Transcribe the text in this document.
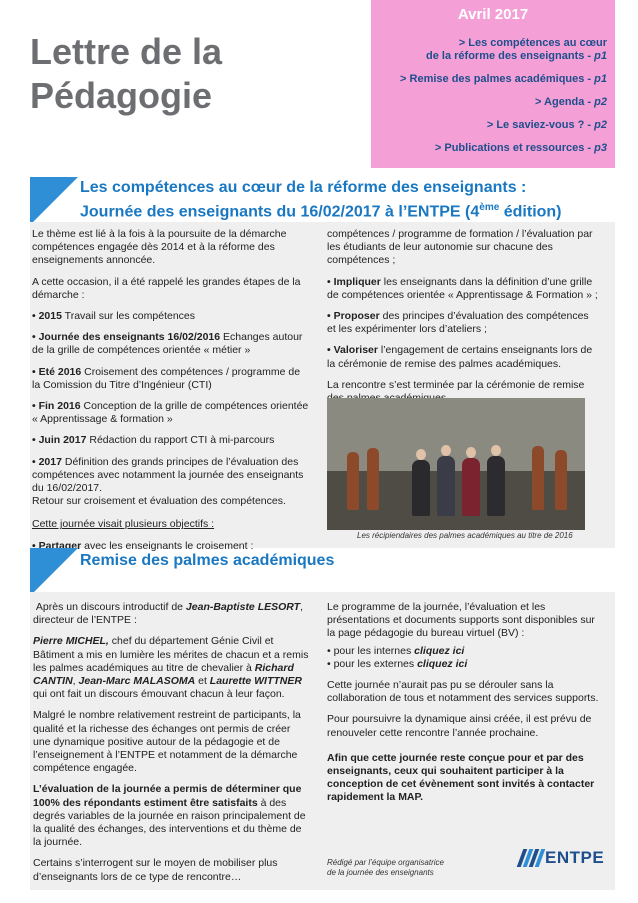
Lettre de la
Pédagogie
Avril 2017
> Les compétences au cœur
de la réforme des enseignants - p1
> Remise des palmes académiques - p1
> Agenda - p2
> Le saviez-vous ? - p2
> Publications et ressources - p3
Les compétences au cœur de la réforme des enseignants :
Journée des enseignants du 16/02/2017 à l’ENTPE (4ème édition)

Le thème est lié à la fois à la poursuite de la démarche compétences engagée dès 2014 et à la réforme des enseignements annoncée.

A cette occasion, il a été rappelé les grandes étapes de la démarche :

• 2015 Travail sur les compétences

• Journée des enseignants 16/02/2016 Echanges autour de la grille de compétences orientée « métier »

• Eté 2016 Croisement des compétences / programme de la Comission du Titre d’Ingénieur (CTI)

• Fin 2016 Conception de la grille de compétences orientée « Apprentissage & formation »

• Juin 2017 Rédaction du rapport CTI à mi-parcours

• 2017 Définition des grands principes de l’évaluation des compétences avec notamment la journée des enseignants du 16/02/2017.
Retour sur croisement et évaluation des compétences.

Cette journée visait plusieurs objectifs :

• Partager avec les enseignants le croisement :

compétences / programme de formation / l’évaluation par les étudiants de leur autonomie sur chacune des compétences ;

• Impliquer les enseignants dans la définition d’une grille de compétences orientée « Apprentissage & Formation » ;

• Proposer des principes d’évaluation des compétences et les expérimenter lors d’ateliers ;

• Valoriser l’engagement de certains enseignants lors de la cérémonie de remise des palmes académiques.

La rencontre s’est terminée par la cérémonie de remise

Les récipiendaires des palmes académiques au titre de 2016
Remise des palmes académiques

Après un discours introductif de Jean-Baptiste LESORT, directeur de l’ENTPE :

Pierre MICHEL, chef du département Génie Civil et Bâtiment a mis en lumière les mérites de chacun et a remis les palmes académiques au titre de chevalier à Richard CANTIN, Jean-Marc MALASOMA et Laurette WITTNER qui ont fait un discours émouvant chacun à leur façon.

Malgré le nombre relativement restreint de participants, la qualité et la richesse des échanges ont permis de créer une dynamique positive autour de la pédagogie et de l’enseignement à l’ENTPE et notamment de la démarche compétence engagée.

L’évaluation de la journée a permis de déterminer que 100% des répondants estiment être satisfaits à des degrés variables de la journée en raison principalement de la qualité des échanges, des interventions et du thème de la journée.

Certains s’interrogent sur le moyen de mobiliser plus d’enseignants lors de ce type de rencontre…

Le programme de la journée, l’évaluation et les présentations et documents supports sont disponibles sur la page pédagogie du bureau virtuel (BV) :

• pour les internes cliquez ici

• pour les externes cliquez ici

Cette journée n’aurait pas pu se dérouler sans la collaboration de tous et notamment des services supports.

Pour poursuivre la dynamique ainsi créée, il est prévu de renouveler cette rencontre l’année prochaine.

Afin que cette journée reste conçue pour et par des enseignants, ceux qui souhaitent participer à la conception de cet évènement sont invités à contacter rapidement la MAP.

Rédigé par l’équipe organisatrice
de la journée des enseignants
ENTPE
